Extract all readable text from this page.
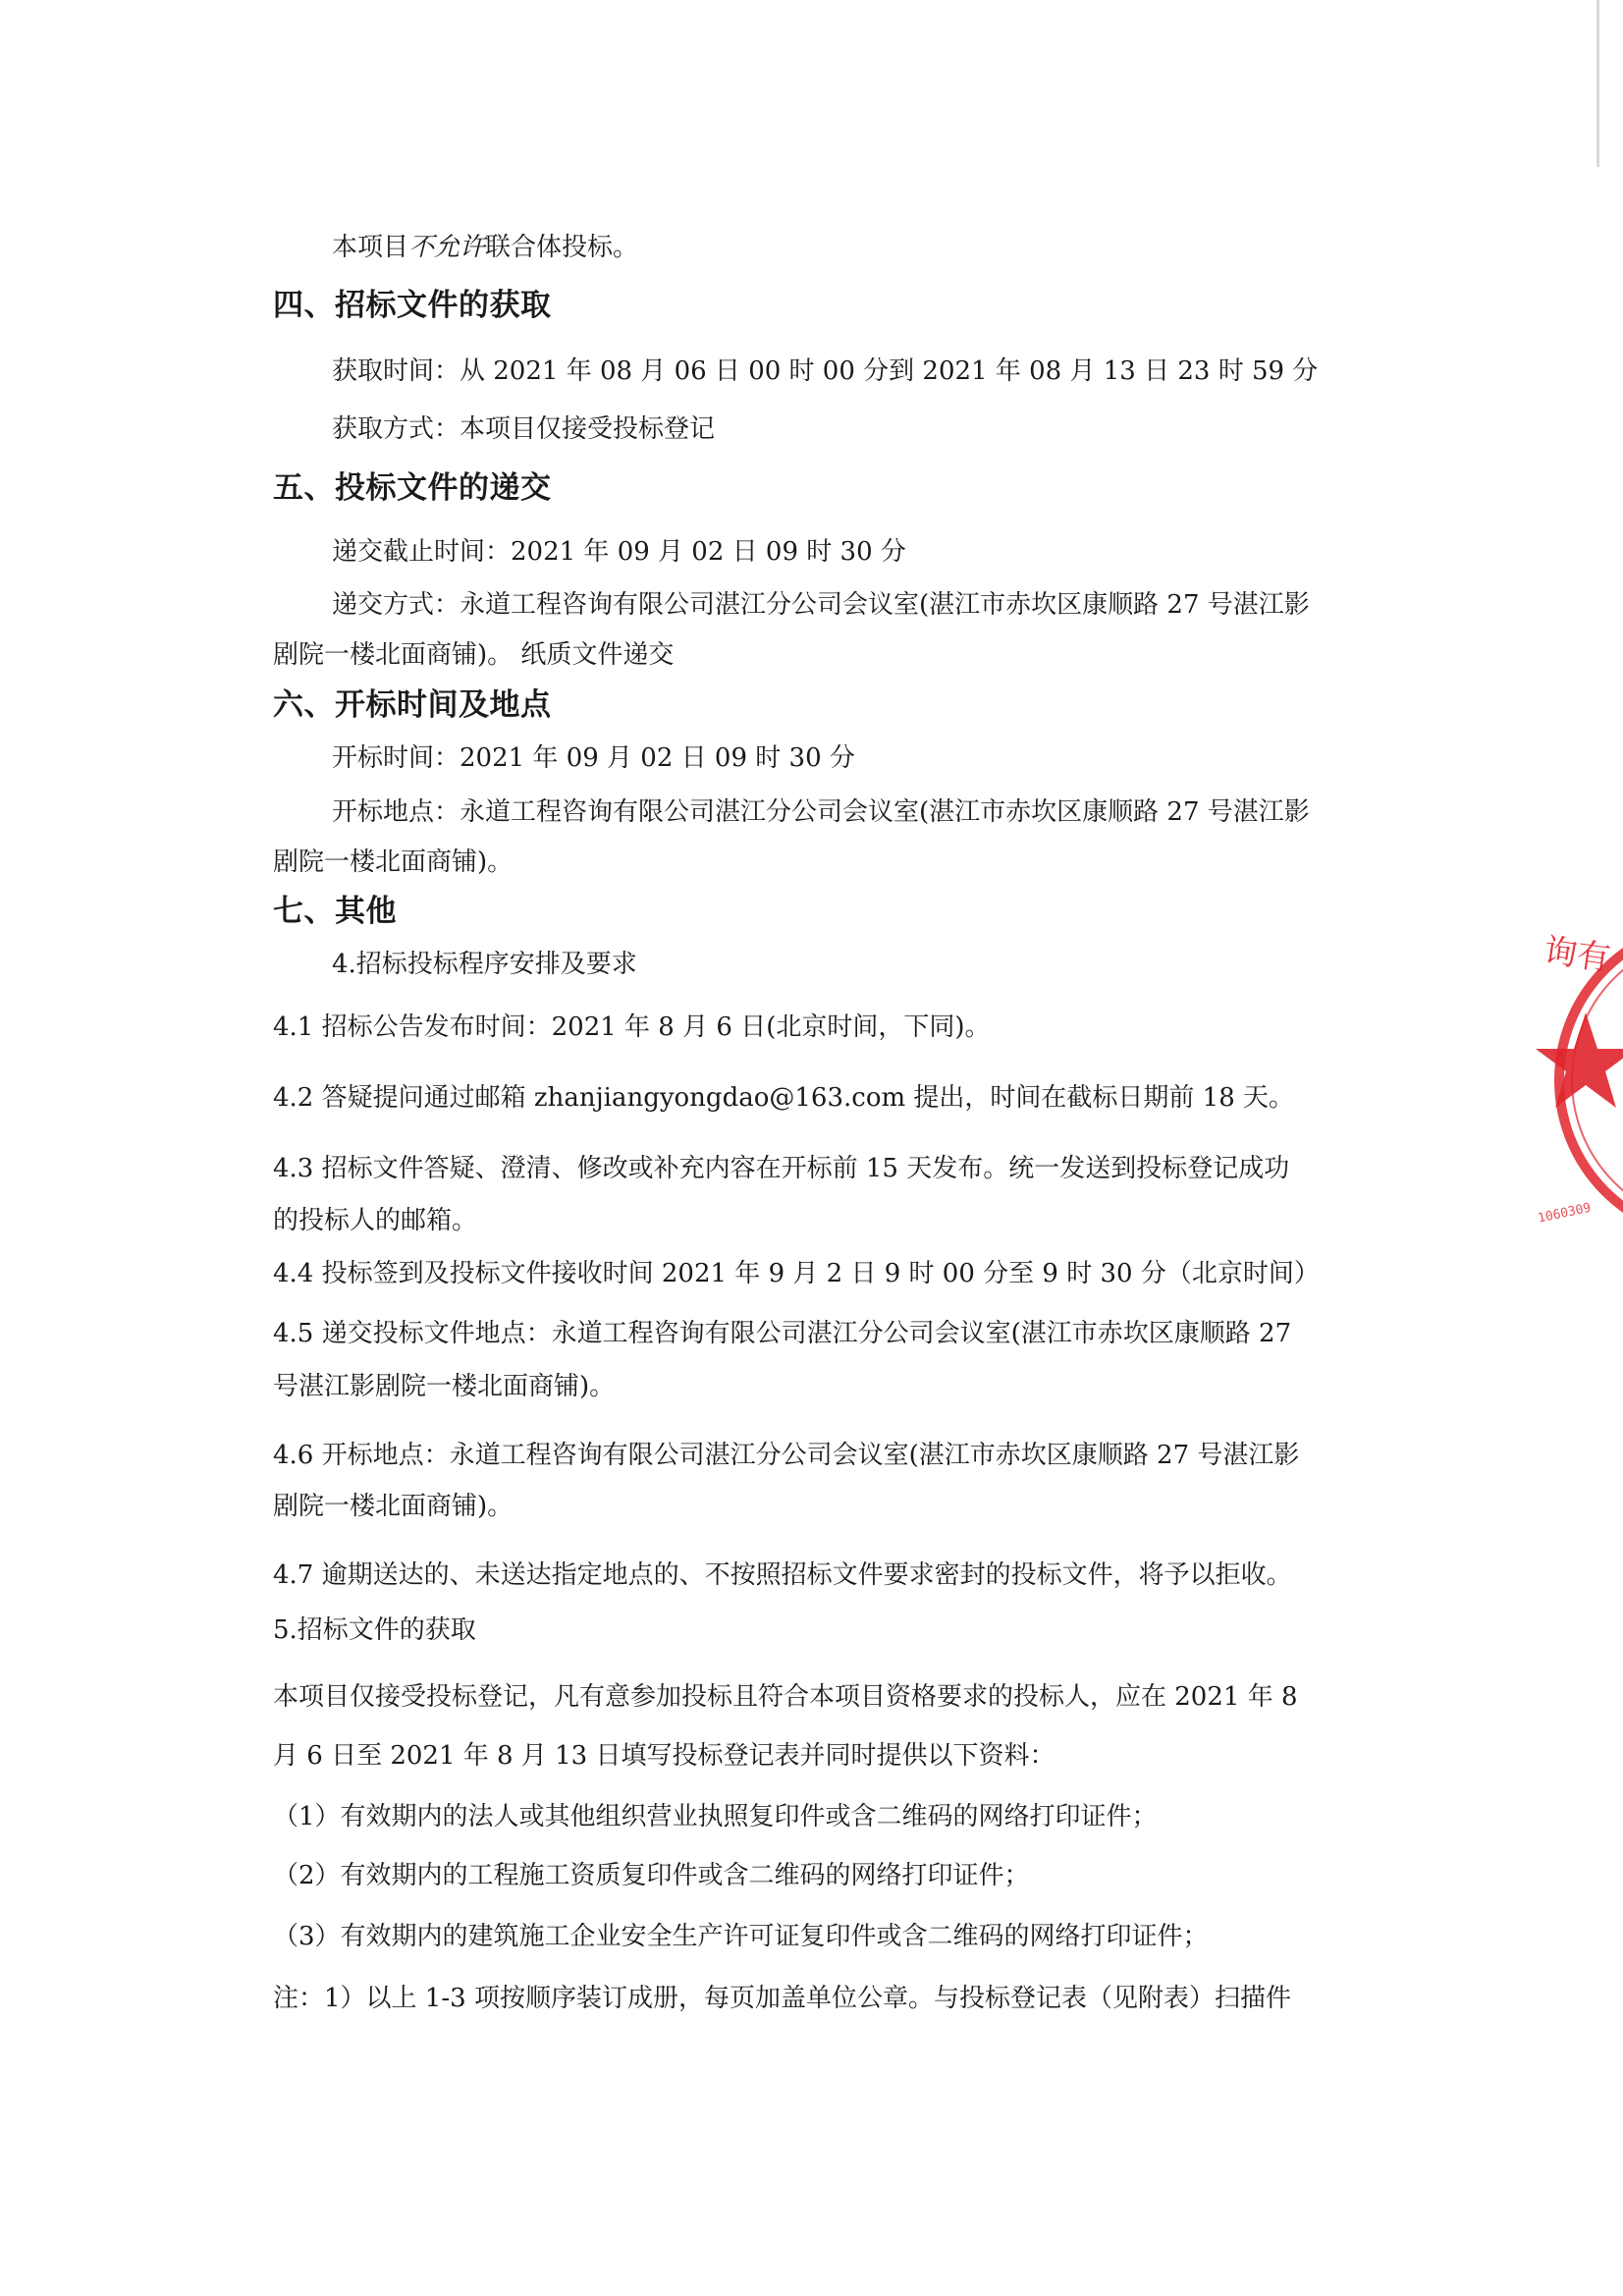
本项目不允许联合体投标。
四、招标文件的获取
获取时间：从 2021 年 08 月 06 日 00 时 00 分到 2021 年 08 月 13 日 23 时 59 分
获取方式：本项目仅接受投标登记
五、投标文件的递交
递交截止时间：2021 年 09 月 02 日 09 时 30 分
递交方式：永道工程咨询有限公司湛江分公司会议室(湛江市赤坎区康顺路 27 号湛江影
剧院一楼北面商铺)。 纸质文件递交
六、开标时间及地点
开标时间：2021 年 09 月 02 日 09 时 30 分
开标地点：永道工程咨询有限公司湛江分公司会议室(湛江市赤坎区康顺路 27 号湛江影
剧院一楼北面商铺)。
七、其他
4.招标投标程序安排及要求
4.1 招标公告发布时间：2021 年 8 月 6 日(北京时间，下同)。
4.2 答疑提问通过邮箱 zhanjiangyongdao@163.com 提出，时间在截标日期前 18 天。
4.3 招标文件答疑、澄清、修改或补充内容在开标前 15 天发布。统一发送到投标登记成功
的投标人的邮箱。
4.4 投标签到及投标文件接收时间 2021 年 9 月 2 日 9 时 00 分至 9 时 30 分（北京时间）
4.5 递交投标文件地点：永道工程咨询有限公司湛江分公司会议室(湛江市赤坎区康顺路 27
号湛江影剧院一楼北面商铺)。
4.6 开标地点：永道工程咨询有限公司湛江分公司会议室(湛江市赤坎区康顺路 27 号湛江影
剧院一楼北面商铺)。
4.7 逾期送达的、未送达指定地点的、不按照招标文件要求密封的投标文件，将予以拒收。
5.招标文件的获取
本项目仅接受投标登记，凡有意参加投标且符合本项目资格要求的投标人，应在 2021 年 8
月 6 日至 2021 年 8 月 13 日填写投标登记表并同时提供以下资料：
（1）有效期内的法人或其他组织营业执照复印件或含二维码的网络打印证件；
（2）有效期内的工程施工资质复印件或含二维码的网络打印证件；
（3）有效期内的建筑施工企业安全生产许可证复印件或含二维码的网络打印证件；
注：1）以上 1-3 项按顺序装订成册，每页加盖单位公章。与投标登记表（见附表）扫描件
询有
1060309
